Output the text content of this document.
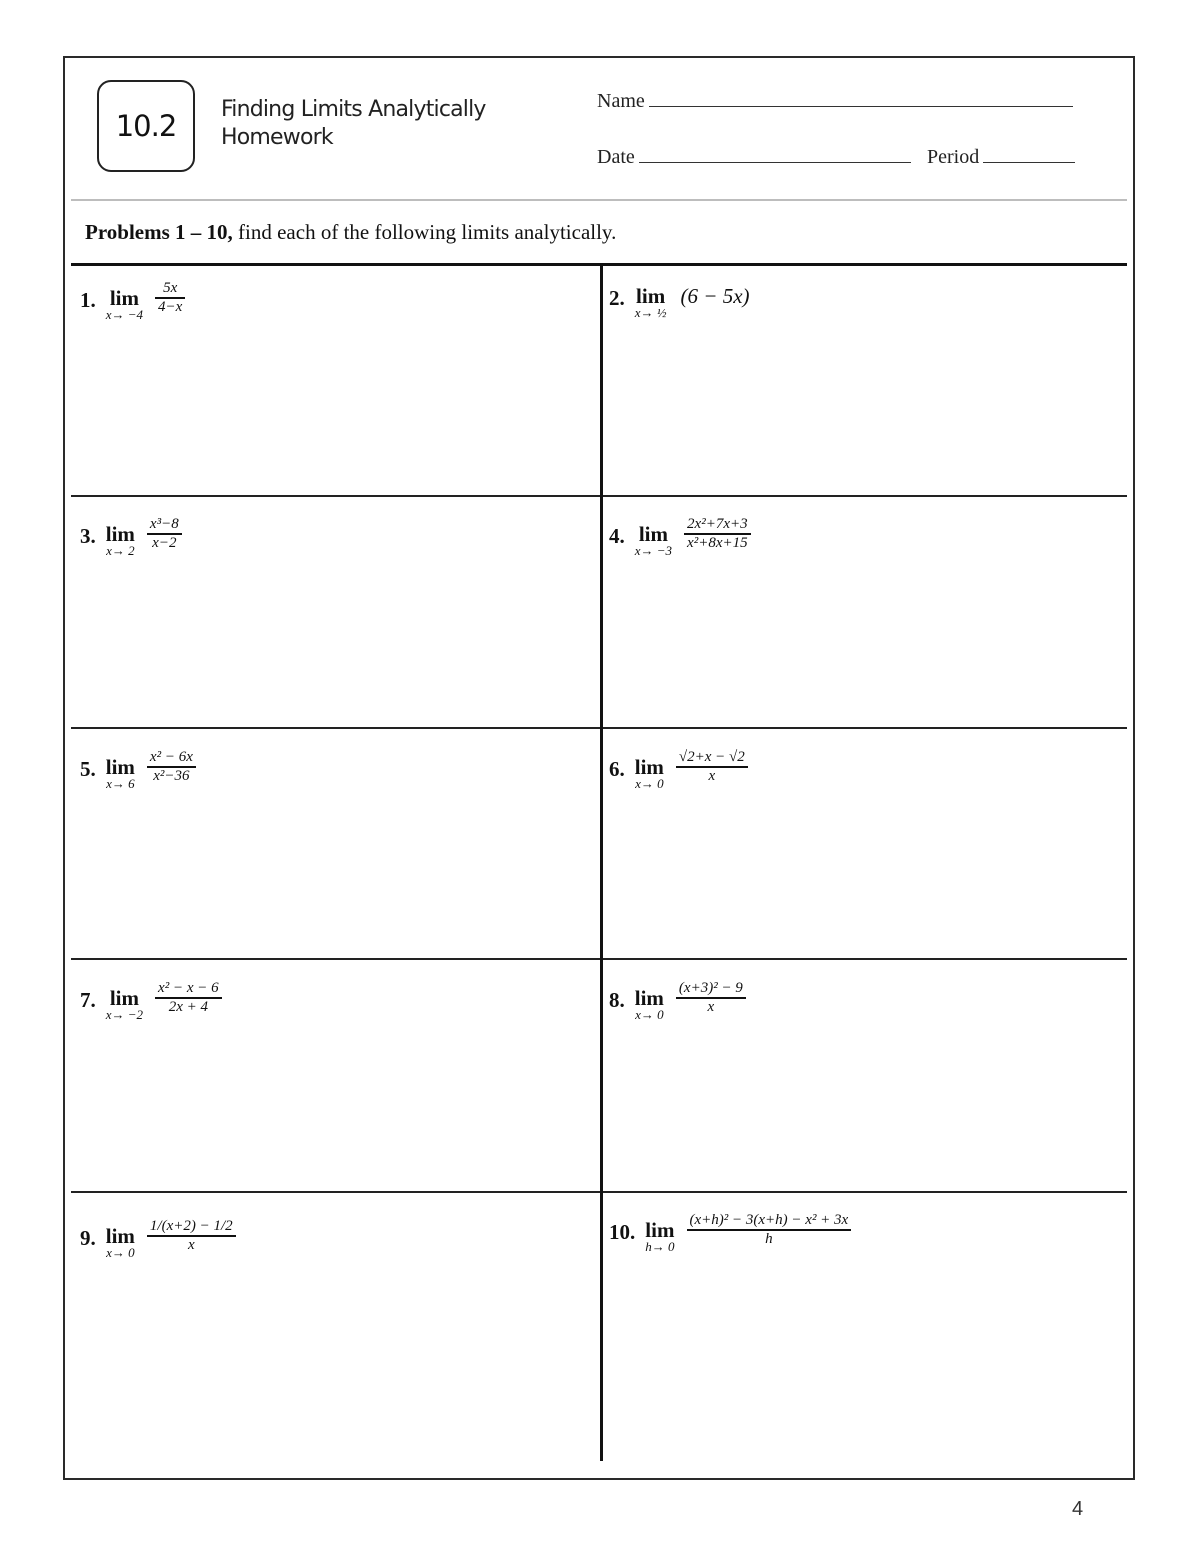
10.2	Finding Limits Analytically
Homework
Name
Date	Period
Problems 1 – 10, find each of the following limits analytically.
1. lim
x→ −4
$\frac{5x}{4-x}$	2. lim
x→ ½
(6 − 5x)
3. lim
x→ 2
$\frac{\text{x³−8}}{x-2}$	4. lim
x→ −3
$\frac{\text{2x²+7x+3}}{\text{x²+8x+15}}$
5. lim
x→ 6
$\frac{\text{x² − 6x}}{\text{x²−36}}$	6. lim
x→ 0
$\frac{√2+x - √2}{x}$
7. lim
x→ −2
$\frac{\text{x² − x − 6}}{2x + 4}$	8. lim
x→ 0
$\frac{\text{(x+3)² − 9}}{x}$
9. lim
x→ 0
$\frac{1/(x+2) - 1/2}{x}$	10. lim
h→ 0
$\frac{\text{(x+h)² − 3(x+h) − x² + 3x}}{h}$
4
